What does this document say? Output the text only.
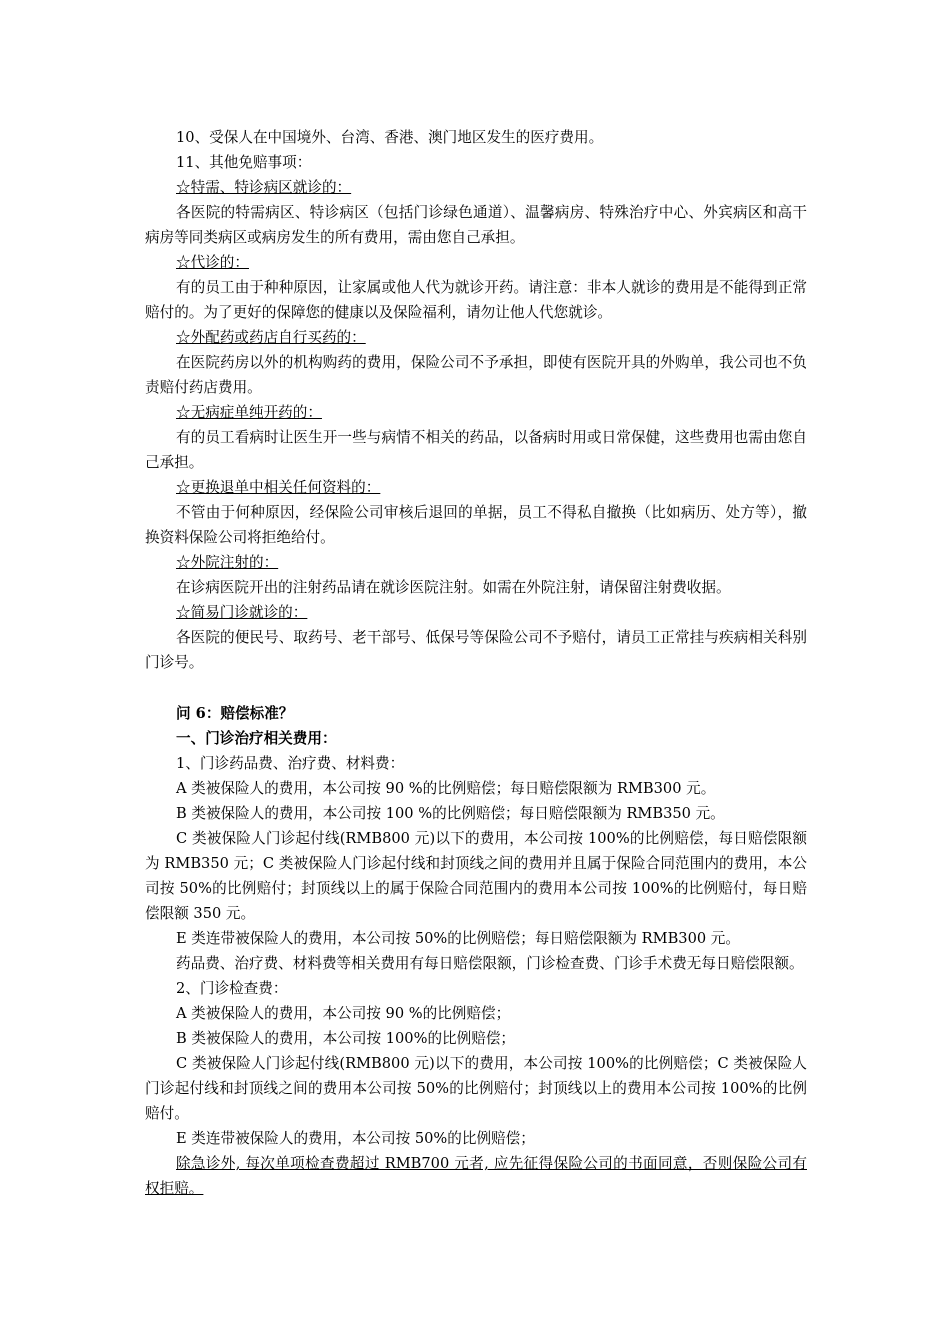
10、受保人在中国境外、台湾、香港、澳门地区发生的医疗费用。

11、其他免赔事项：

☆特需、特诊病区就诊的：

各医院的特需病区、特诊病区（包括门诊绿色通道）、温馨病房、特殊治疗中心、外宾病区和高干病房等同类病区或病房发生的所有费用，需由您自己承担。

☆代诊的：

有的员工由于种种原因，让家属或他人代为就诊开药。请注意：非本人就诊的费用是不能得到正常赔付的。为了更好的保障您的健康以及保险福利，请勿让他人代您就诊。

☆外配药或药店自行买药的：

在医院药房以外的机构购药的费用，保险公司不予承担，即使有医院开具的外购单，我公司也不负责赔付药店费用。

☆无病症单纯开药的：

有的员工看病时让医生开一些与病情不相关的药品，以备病时用或日常保健，这些费用也需由您自己承担。

☆更换退单中相关任何资料的：

不管由于何种原因，经保险公司审核后退回的单据，员工不得私自撤换（比如病历、处方等），撤换资料保险公司将拒绝给付。

☆外院注射的：

在诊病医院开出的注射药品请在就诊医院注射。如需在外院注射，请保留注射费收据。

☆简易门诊就诊的：

各医院的便民号、取药号、老干部号、低保号等保险公司不予赔付，请员工正常挂与疾病相关科别门诊号。

问 6：赔偿标准？

一、门诊治疗相关费用：

1、门诊药品费、治疗费、材料费：

A 类被保险人的费用，本公司按 90 %的比例赔偿；每日赔偿限额为 RMB300 元。

B 类被保险人的费用，本公司按 100 %的比例赔偿；每日赔偿限额为 RMB350 元。

C 类被保险人门诊起付线(RMB800 元)以下的费用，本公司按 100%的比例赔偿，每日赔偿限额为 RMB350 元；C 类被保险人门诊起付线和封顶线之间的费用并且属于保险合同范围内的费用，本公司按 50%的比例赔付；封顶线以上的属于保险合同范围内的费用本公司按 100%的比例赔付，每日赔偿限额 350 元。

E 类连带被保险人的费用，本公司按 50%的比例赔偿；每日赔偿限额为 RMB300 元。

药品费、治疗费、材料费等相关费用有每日赔偿限额，门诊检查费、门诊手术费无每日赔偿限额。

2、门诊检查费：

A 类被保险人的费用，本公司按 90 %的比例赔偿；

B 类被保险人的费用，本公司按 100%的比例赔偿；

C 类被保险人门诊起付线(RMB800 元)以下的费用，本公司按 100%的比例赔偿；C 类被保险人门诊起付线和封顶线之间的费用本公司按 50%的比例赔付；封顶线以上的费用本公司按 100%的比例赔付。

E 类连带被保险人的费用，本公司按 50%的比例赔偿；

除急诊外, 每次单项检查费超过 RMB700 元者, 应先征得保险公司的书面同意，否则保险公司有权拒赔。
